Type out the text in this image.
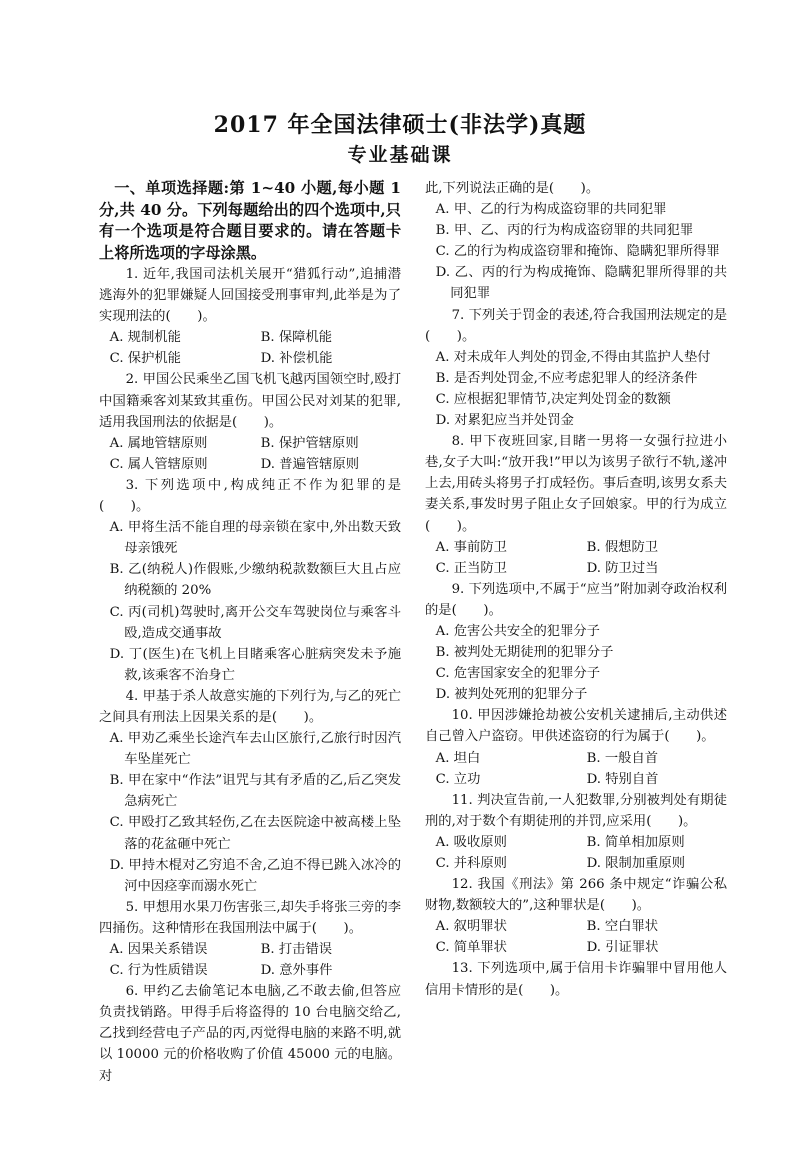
2017 年全国法律硕士(非法学)真题
专业基础课

一、单项选择题:第 1~40 小题,每小题 1 分,共 40 分。下列每题给出的四个选项中,只有一个选项是符合题目要求的。请在答题卡上将所选项的字母涂黑。

1. 近年,我国司法机关展开“猎狐行动”,追捕潜逃海外的犯罪嫌疑人回国接受刑事审判,此举是为了实现刑法的(　　)。

A. 规制机能	B. 保障机能
C. 保护机能	D. 补偿机能

2. 甲国公民乘坐乙国飞机飞越丙国领空时,殴打中国籍乘客刘某致其重伤。甲国公民对刘某的犯罪,适用我国刑法的依据是(　　)。

A. 属地管辖原则	B. 保护管辖原则
C. 属人管辖原则	D. 普遍管辖原则

3. 下列选项中,构成纯正不作为犯罪的是(　　)。

A. 甲将生活不能自理的母亲锁在家中,外出数天致母亲饿死
B. 乙(纳税人)作假账,少缴纳税款数额巨大且占应纳税额的 20%
C. 丙(司机)驾驶时,离开公交车驾驶岗位与乘客斗殴,造成交通事故
D. 丁(医生)在飞机上目睹乘客心脏病突发未予施救,该乘客不治身亡

4. 甲基于杀人故意实施的下列行为,与乙的死亡之间具有刑法上因果关系的是(　　)。

A. 甲劝乙乘坐长途汽车去山区旅行,乙旅行时因汽车坠崖死亡
B. 甲在家中“作法”诅咒与其有矛盾的乙,后乙突发急病死亡
C. 甲殴打乙致其轻伤,乙在去医院途中被高楼上坠落的花盆砸中死亡
D. 甲持木棍对乙穷追不舍,乙迫不得已跳入冰冷的河中因痉挛而溺水死亡

5. 甲想用水果刀伤害张三,却失手将张三旁的李四捅伤。这种情形在我国刑法中属于(　　)。

A. 因果关系错误	B. 打击错误
C. 行为性质错误	D. 意外事件

6. 甲约乙去偷笔记本电脑,乙不敢去偷,但答应负责找销路。甲得手后将盗得的 10 台电脑交给乙,乙找到经营电子产品的丙,丙觉得电脑的来路不明,就以 10000 元的价格收购了价值 45000 元的电脑。对

此,下列说法正确的是(　　)。

A. 甲、乙的行为构成盗窃罪的共同犯罪
B. 甲、乙、丙的行为构成盗窃罪的共同犯罪
C. 乙的行为构成盗窃罪和掩饰、隐瞒犯罪所得罪
D. 乙、丙的行为构成掩饰、隐瞒犯罪所得罪的共同犯罪

7. 下列关于罚金的表述,符合我国刑法规定的是(　　)。

A. 对未成年人判处的罚金,不得由其监护人垫付
B. 是否判处罚金,不应考虑犯罪人的经济条件
C. 应根据犯罪情节,决定判处罚金的数额
D. 对累犯应当并处罚金

8. 甲下夜班回家,目睹一男将一女强行拉进小巷,女子大叫:“放开我!”甲以为该男子欲行不轨,遂冲上去,用砖头将男子打成轻伤。事后查明,该男女系夫妻关系,事发时男子阻止女子回娘家。甲的行为成立(　　)。

A. 事前防卫	B. 假想防卫
C. 正当防卫	D. 防卫过当

9. 下列选项中,不属于“应当”附加剥夺政治权利的是(　　)。

A. 危害公共安全的犯罪分子
B. 被判处无期徒刑的犯罪分子
C. 危害国家安全的犯罪分子
D. 被判处死刑的犯罪分子

10. 甲因涉嫌抢劫被公安机关逮捕后,主动供述自己曾入户盗窃。甲供述盗窃的行为属于(　　)。

A. 坦白	B. 一般自首
C. 立功	D. 特别自首

11. 判决宣告前,一人犯数罪,分别被判处有期徒刑的,对于数个有期徒刑的并罚,应采用(　　)。

A. 吸收原则	B. 简单相加原则
C. 并科原则	D. 限制加重原则

12. 我国《刑法》第 266 条中规定“诈骗公私财物,数额较大的”,这种罪状是(　　)。

A. 叙明罪状	B. 空白罪状
C. 简单罪状	D. 引证罪状

13. 下列选项中,属于信用卡诈骗罪中冒用他人信用卡情形的是(　　)。
